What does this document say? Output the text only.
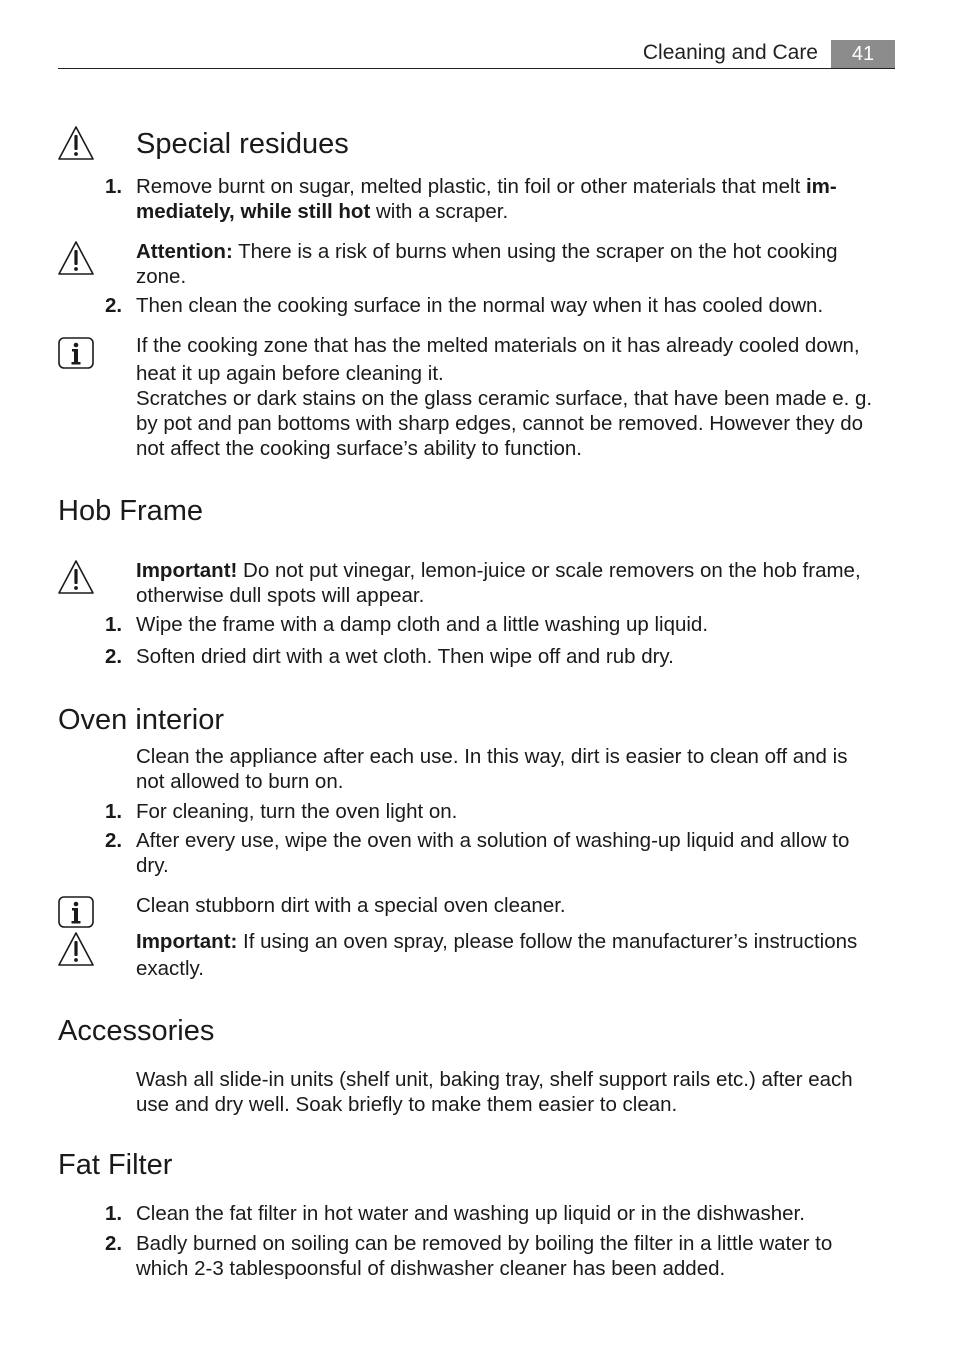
Cleaning and Care	41
Special residues
1. Remove burnt on sugar, melted plastic, tin foil or other materials that melt im-
mediately, while still hot with a scraper.
Attention: There is a risk of burns when using the scraper on the hot cooking
zone.
2. Then clean the cooking surface in the normal way when it has cooled down.
If the cooking zone that has the melted materials on it has already cooled down,
heat it up again before cleaning it.
Scratches or dark stains on the glass ceramic surface, that have been made e. g.
by pot and pan bottoms with sharp edges, cannot be removed. However they do
not affect the cooking surface’s ability to function.
Hob Frame
Important! Do not put vinegar, lemon-juice or scale removers on the hob frame,
otherwise dull spots will appear.
1. Wipe the frame with a damp cloth and a little washing up liquid.
2. Soften dried dirt with a wet cloth. Then wipe off and rub dry.
Oven interior
Clean the appliance after each use. In this way, dirt is easier to clean off and is
not allowed to burn on.
1. For cleaning, turn the oven light on.
2. After every use, wipe the oven with a solution of washing-up liquid and allow to
dry.
Clean stubborn dirt with a special oven cleaner.
Important: If using an oven spray, please follow the manufacturer’s instructions
exactly.
Accessories
Wash all slide-in units (shelf unit, baking tray, shelf support rails etc.) after each
use and dry well. Soak briefly to make them easier to clean.
Fat Filter
1. Clean the fat filter in hot water and washing up liquid or in the dishwasher.
2. Badly burned on soiling can be removed by boiling the filter in a little water to
which 2-3 tablespoonsful of dishwasher cleaner has been added.
